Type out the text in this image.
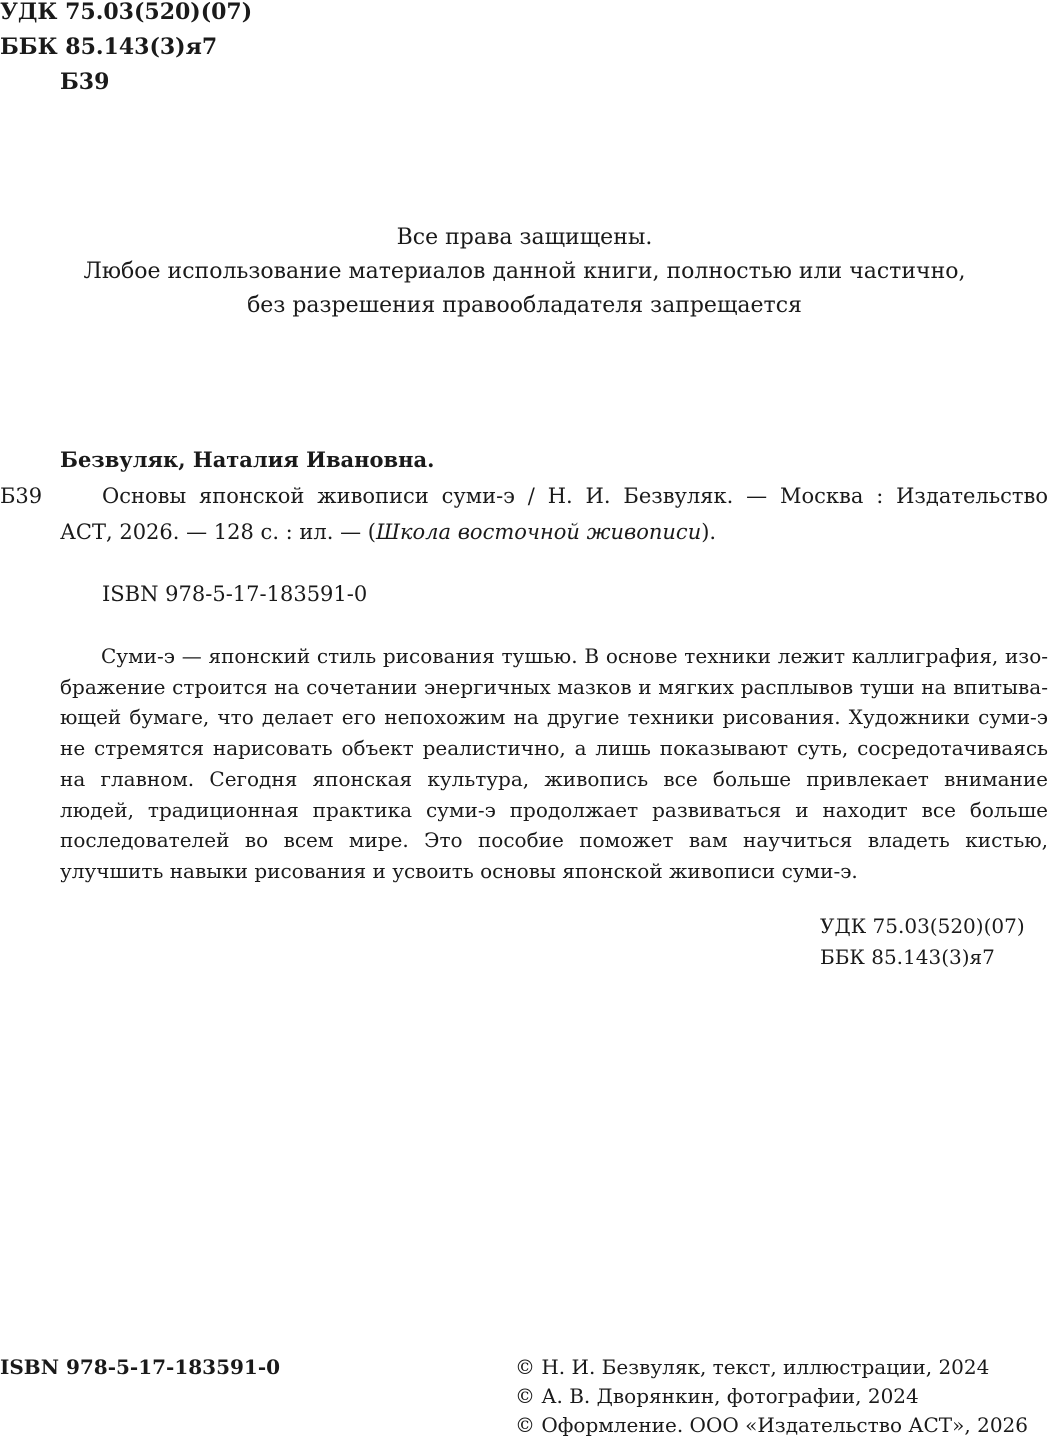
УДК 75.03(520)(07)
ББК 85.143(3)я7
Б39
Все права защищены.
Любое использование материалов данной книги, полностью или частично,
без разрешения правообладателя запрещается
Безвуляк, Наталия Ивановна.
Б39	Основы японской живописи суми-э / Н. И. Безвуляк. — Москва : Издательство
АСТ, 2026. — 128 с. : ил. — (Школа восточной живописи).
ISBN 978-5-17-183591-0
Суми-э — японский стиль рисования тушью. В основе техники лежит каллиграфия, изображение строится на сочетании энергичных мазков и мягких расплывов туши на впитывающей бумаге, что делает его непохожим на другие техники рисования. Художники суми-э не стремятся нарисовать объект реалистично, а лишь показывают суть, сосредотачиваясь на главном. Сегодня японская культура, живопись все больше привлекает внимание людей, традиционная практика суми-э продолжает развиваться и находит все больше последователей во всем мире. Это пособие поможет вам научиться владеть кистью, улучшить навыки рисования и усвоить основы японской живописи суми-э.
УДК 75.03(520)(07)
ББК 85.143(3)я7
ISBN 978-5-17-183591-0	© Н. И. Безвуляк, текст, иллюстрации, 2024
© А. В. Дворянкин, фотографии, 2024
© Оформление. ООО «Издательство АСТ», 2026
